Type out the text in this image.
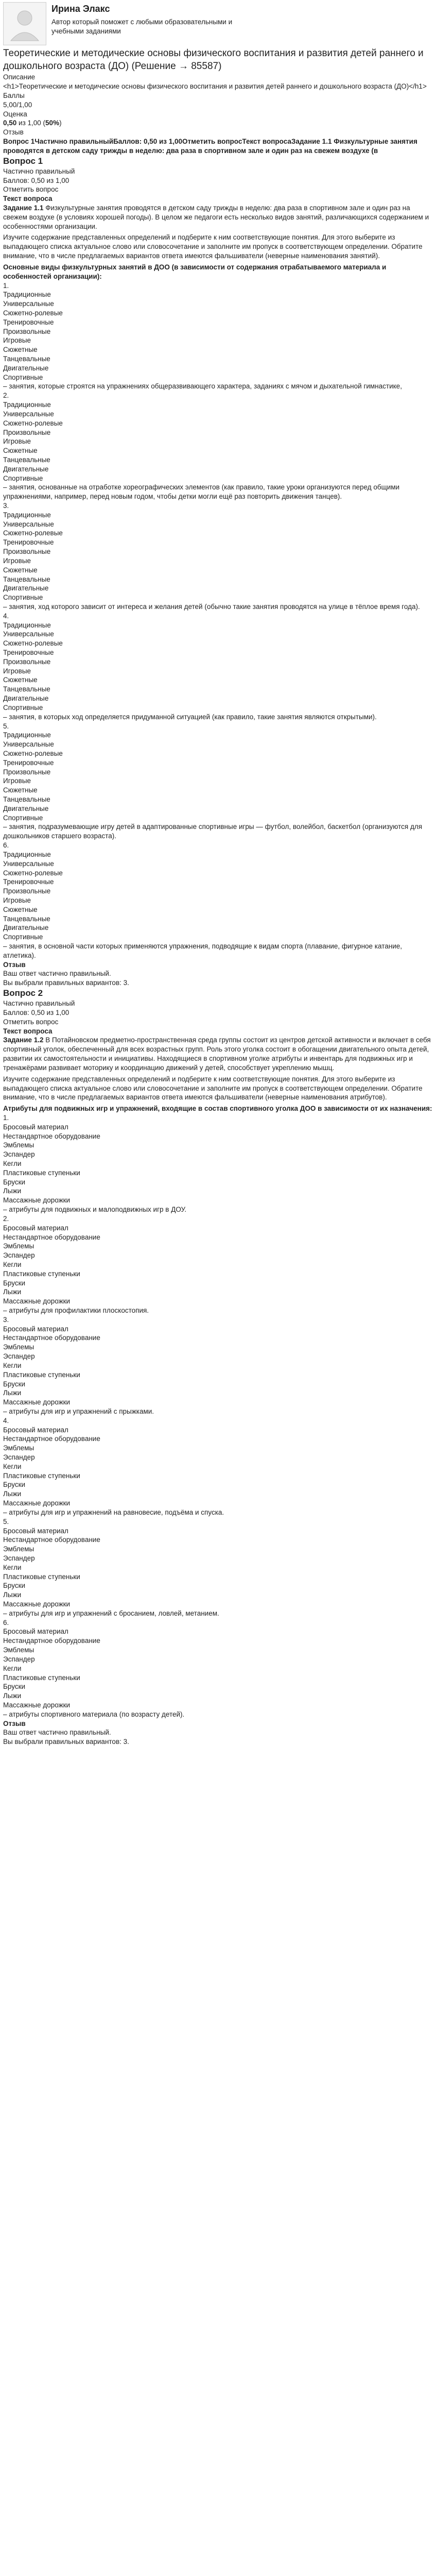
Ирина Элакс
Автор который поможет с любыми образовательными и учебными заданиями
Теоретические и методические основы физического воспитания и развития детей раннего и дошкольного возраста (ДО) (Решение → 85587)

Описание

<h1>Теоретические и методические основы физического воспитания и развития детей раннего и дошкольного возраста (ДО)</h1>

Баллы

5,00/1,00

Оценка

0,50 из 1,00 (50%)

Отзыв

Вопрос 1Частично правильныйБаллов: 0,50 из 1,00Отметить вопросТекст вопросаЗадание 1.1 Физкультурные занятия проводятся в детском саду трижды в неделю: два раза в спортивном зале и один раз на свежем воздухе (в

Вопрос 1

Частично правильный

Баллов: 0,50 из 1,00

Отметить вопрос

Текст вопроса

Задание 1.1 Физкультурные занятия проводятся в детском саду трижды в неделю: два раза в спортивном зале и один раз на свежем воздухе (в условиях хорошей погоды). В целом же педагоги есть несколько видов занятий, различающихся содержанием и особенностями организации.

Изучите содержание представленных определений и подберите к ним соответствующие понятия. Для этого выберите из выпадающего списка актуальное слово или словосочетание и заполните им пропуск в соответствующем определении. Обратите внимание, что в числе предлагаемых вариантов ответа имеются фальшиватели (неверные наименования занятий).

Основные виды физкультурных занятий в ДОО (в зависимости от содержания отрабатываемого материала и особенностей организации):

1.

Традиционные

Универсальные

Сюжетно-ролевые

Тренировочные

Произвольные

Игровые

Сюжетные

Танцевальные

Двигательные

Спортивные

– занятия, которые строятся на упражнениях общеразвивающего характера, заданиях с мячом и дыхательной гимнастике,

2.

Традиционные

Универсальные

Сюжетно-ролевые

Произвольные

Игровые

Сюжетные

Танцевальные

Двигательные

Спортивные

– занятия, основанные на отработке хореографических элементов (как правило, такие уроки организуются перед общими упражнениями, например, перед новым годом, чтобы детки могли ещё раз повторить движения танцев).

3.

Традиционные

Универсальные

Сюжетно-ролевые

Тренировочные

Произвольные

Игровые

Сюжетные

Танцевальные

Двигательные

Спортивные

– занятия, ход которого зависит от интереса и желания детей (обычно такие занятия проводятся на улице в тёплое время года).

4.

Традиционные

Универсальные

Сюжетно-ролевые

Тренировочные

Произвольные

Игровые

Сюжетные

Танцевальные

Двигательные

Спортивные

– занятия, в которых ход определяется придуманной ситуацией (как правило, такие занятия являются открытыми).

5.

Традиционные

Универсальные

Сюжетно-ролевые

Тренировочные

Произвольные

Игровые

Сюжетные

Танцевальные

Двигательные

Спортивные

– занятия, подразумевающие игру детей в адаптированные спортивные игры — футбол, волейбол, баскетбол (организуются для дошкольников старшего возраста).

6.

Традиционные

Универсальные

Сюжетно-ролевые

Тренировочные

Произвольные

Игровые

Сюжетные

Танцевальные

Двигательные

Спортивные

– занятия, в основной части которых применяются упражнения, подводящие к видам спорта (плавание, фигурное катание, атлетика).

Отзыв

Ваш ответ частично правильный.

Вы выбрали правильных вариантов: 3.

Вопрос 2

Частично правильный

Баллов: 0,50 из 1,00

Отметить вопрос

Текст вопроса

Задание 1.2 В Потайновском предметно-пространственная среда группы состоит из центров детской активности и включает в себя спортивный уголок, обеспеченный для всех возрастных групп. Роль этого уголка состоит в обогащении двигательного опыта детей, развитии их самостоятельности и инициативы. Находящиеся в спортивном уголке атрибуты и инвентарь для подвижных игр и тренажёрами развивает моторику и координацию движений у детей, способствует укреплению мышц.

Изучите содержание представленных определений и подберите к ним соответствующие понятия. Для этого выберите из выпадающего списка актуальное слово или словосочетание и заполните им пропуск в соответствующем определении. Обратите внимание, что в числе предлагаемых вариантов ответа имеются фальшиватели (неверные наименования атрибутов).

Атрибуты для подвижных игр и упражнений, входящие в состав спортивного уголка ДОО в зависимости от их назначения:

1.

Бросовый материал

Нестандартное оборудование

Эмблемы

Эспандер

Кегли

Пластиковые ступеньки

Бруски

Лыжи

Массажные дорожки

– атрибуты для подвижных и малоподвижных игр в ДОУ.

2.

Бросовый материал

Нестандартное оборудование

Эмблемы

Эспандер

Кегли

Пластиковые ступеньки

Бруски

Лыжи

Массажные дорожки

– атрибуты для профилактики плоскостопия.

3.

Бросовый материал

Нестандартное оборудование

Эмблемы

Эспандер

Кегли

Пластиковые ступеньки

Бруски

Лыжи

Массажные дорожки

– атрибуты для игр и упражнений с прыжками.

4.

Бросовый материал

Нестандартное оборудование

Эмблемы

Эспандер

Кегли

Пластиковые ступеньки

Бруски

Лыжи

Массажные дорожки

– атрибуты для игр и упражнений на равновесие, подъёма и спуска.

5.

Бросовый материал

Нестандартное оборудование

Эмблемы

Эспандер

Кегли

Пластиковые ступеньки

Бруски

Лыжи

Массажные дорожки

– атрибуты для игр и упражнений с бросанием, ловлей, метанием.

6.

Бросовый материал

Нестандартное оборудование

Эмблемы

Эспандер

Кегли

Пластиковые ступеньки

Бруски

Лыжи

Массажные дорожки

– атрибуты спортивного материала (по возрасту детей).

Отзыв

Ваш ответ частично правильный.

Вы выбрали правильных вариантов: 3.
